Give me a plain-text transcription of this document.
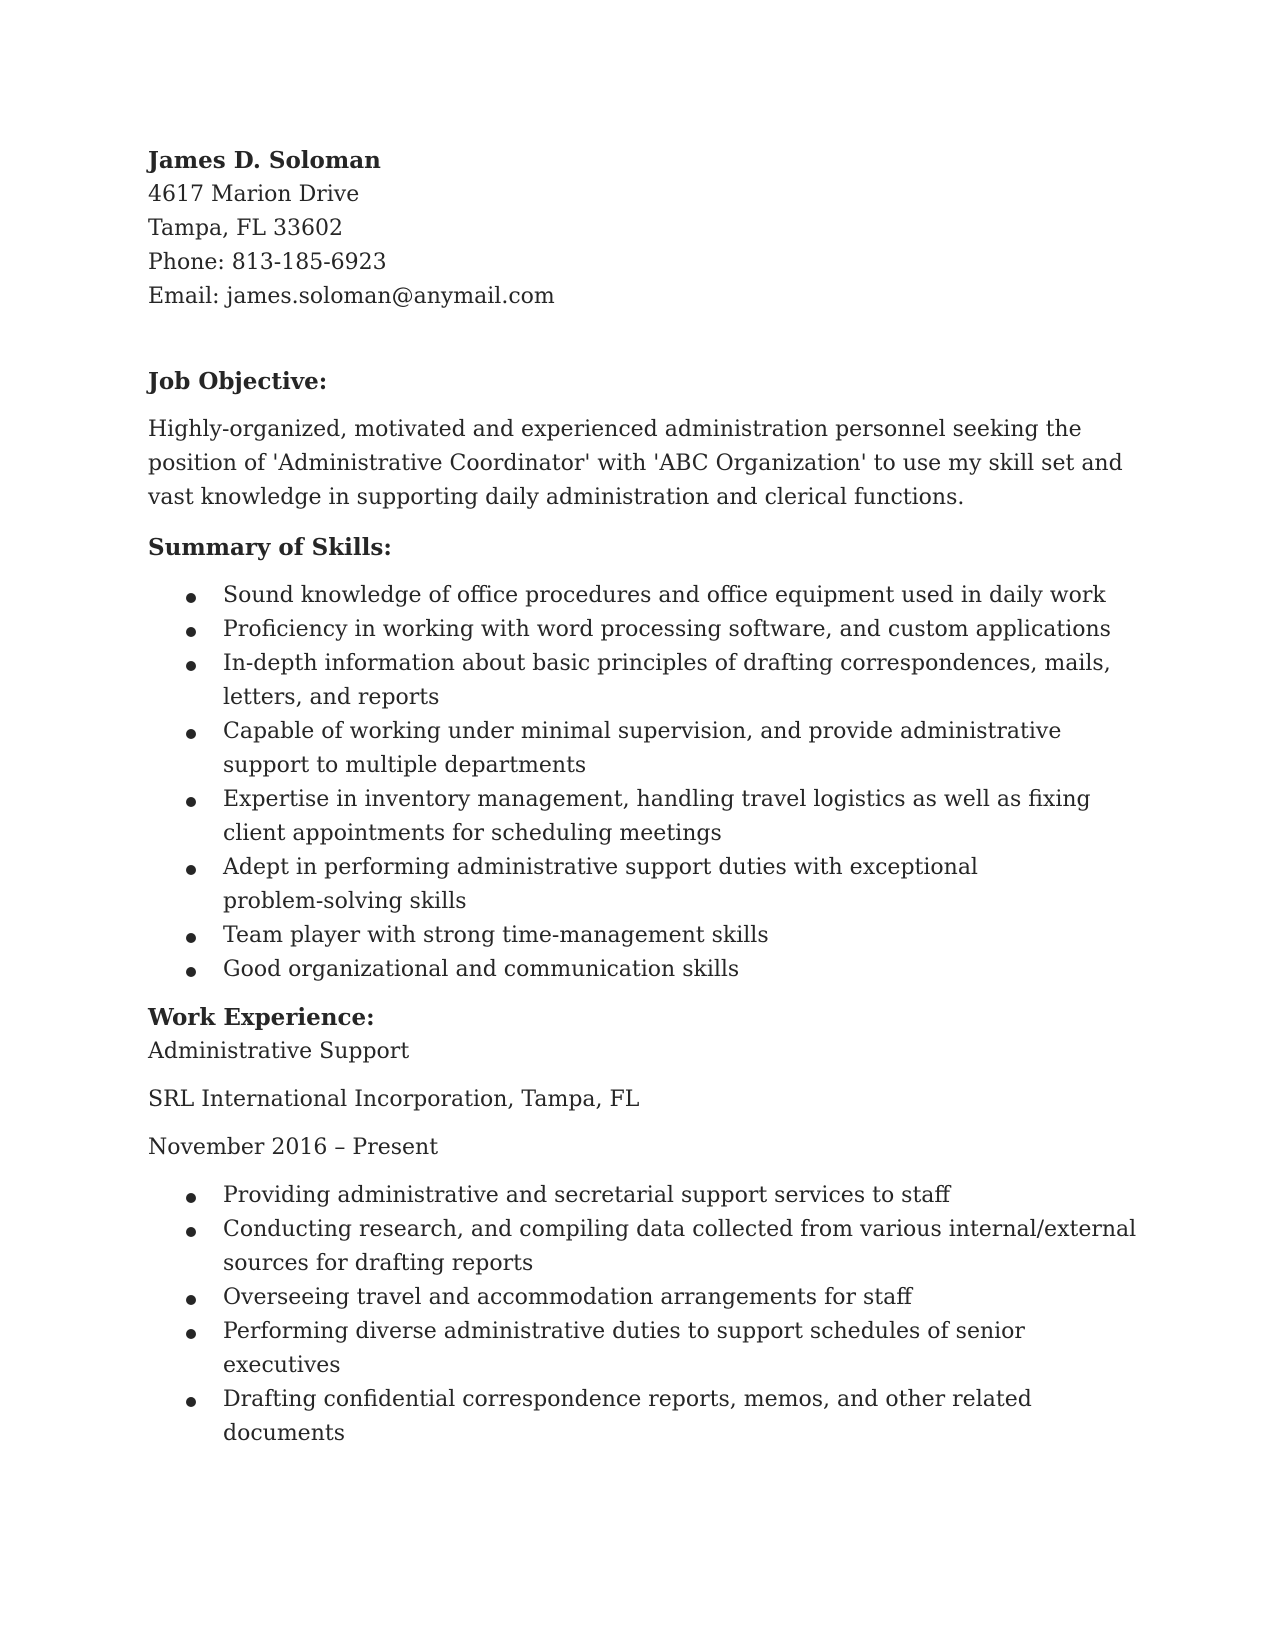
James D. Soloman
4617 Marion Drive
Tampa, FL 33602
Phone: 813-185-6923
Email: james.soloman@anymail.com
Job Objective:
Highly-organized, motivated and experienced administration personnel seeking the
position of 'Administrative Coordinator' with 'ABC Organization' to use my skill set and
vast knowledge in supporting daily administration and clerical functions.
Summary of Skills:
Sound knowledge of office procedures and office equipment used in daily work
Proficiency in working with word processing software, and custom applications
In-depth information about basic principles of drafting correspondences, mails,
letters, and reports
Capable of working under minimal supervision, and provide administrative
support to multiple departments
Expertise in inventory management, handling travel logistics as well as fixing
client appointments for scheduling meetings
Adept in performing administrative support duties with exceptional
problem-solving skills
Team player with strong time-management skills
Good organizational and communication skills
Work Experience:
Administrative Support
SRL International Incorporation, Tampa, FL
November 2016 – Present
Providing administrative and secretarial support services to staff
Conducting research, and compiling data collected from various internal/external
sources for drafting reports
Overseeing travel and accommodation arrangements for staff
Performing diverse administrative duties to support schedules of senior
executives
Drafting confidential correspondence reports, memos, and other related
documents
